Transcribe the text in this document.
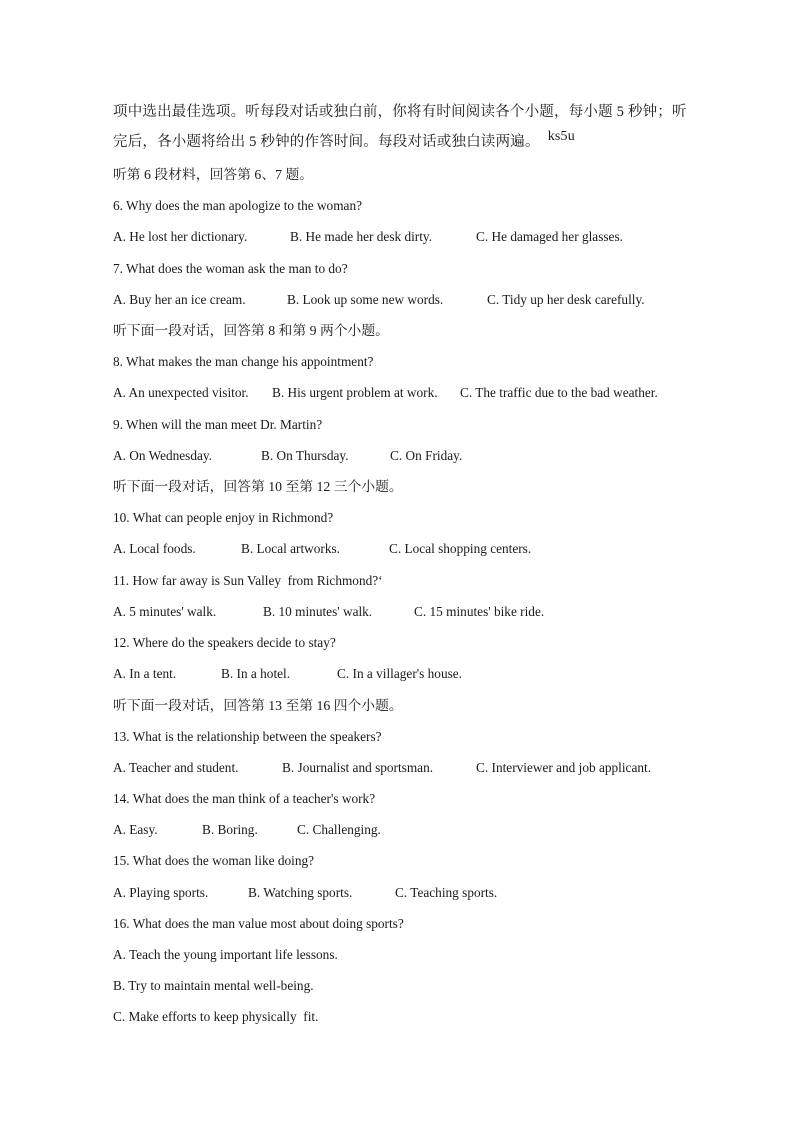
项中选出最佳选项。听每段对话或独白前，你将有时间阅读各个小题，每小题 5 秒钟；听完后，各小题将给出 5 秒钟的作答时间。每段对话或独白读两遍。 ks5u
听第 6 段材料，回答第 6、7 题。
6. Why does the man apologize to the woman?
A. He lost her dictionary.	B. He made her desk dirty.	C. He damaged her glasses.
7. What does the woman ask the man to do?
A. Buy her an ice cream.	B. Look up some new words.	C. Tidy up her desk carefully.
听下面一段对话，回答第 8 和第 9 两个小题。
8. What makes the man change his appointment?
A. An unexpected visitor. B. His urgent problem at work. C. The traffic due to the bad weather.
9. When will the man meet Dr. Martin?
A. On Wednesday.	B. On Thursday.	C. On Friday.
听下面一段对话，回答第 10 至第 12 三个小题。
10. What can people enjoy in Richmond?
A. Local foods.	B. Local artworks.	C. Local shopping centers.
11. How far away is Sun Valley  from Richmond?‘
A. 5 minutes' walk.	B. 10 minutes' walk.	C. 15 minutes' bike ride.
12. Where do the speakers decide to stay?
A. In a tent.	B. In a hotel.	C. In a villager's house.
听下面一段对话，回答第 13 至第 16 四个小题。
13. What is the relationship between the speakers?
A. Teacher and student.	B. Journalist and sportsman.	C. Interviewer and job applicant.
14. What does the man think of a teacher's work?
A. Easy.	B. Boring.	C. Challenging.
15. What does the woman like doing?
A. Playing sports.	B. Watching sports.	C. Teaching sports.
16. What does the man value most about doing sports?
A. Teach the young important life lessons.
B. Try to maintain mental well-being.
C. Make efforts to keep physically  fit.
